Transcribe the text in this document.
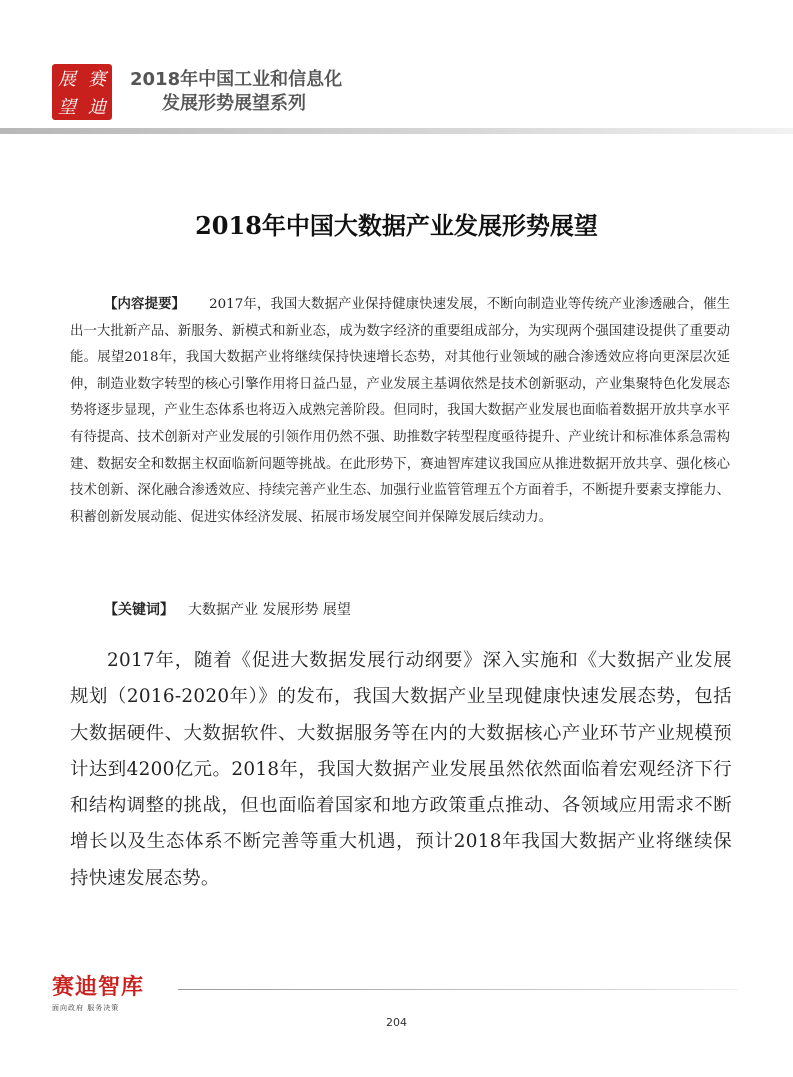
展 赛
望 迪
2018年中国工业和信息化
发展形势展望系列
2018年中国大数据产业发展形势展望
【内容提要】 2017年，我国大数据产业保持健康快速发展，不断向制造业等传统产业渗透融合，催生出一大批新产品、新服务、新模式和新业态，成为数字经济的重要组成部分，为实现两个强国建设提供了重要动能。展望2018年，我国大数据产业将继续保持快速增长态势，对其他行业领域的融合渗透效应将向更深层次延伸，制造业数字转型的核心引擎作用将日益凸显，产业发展主基调依然是技术创新驱动，产业集聚特色化发展态势将逐步显现，产业生态体系也将迈入成熟完善阶段。但同时，我国大数据产业发展也面临着数据开放共享水平有待提高、技术创新对产业发展的引领作用仍然不强、助推数字转型程度亟待提升、产业统计和标准体系急需构建、数据安全和数据主权面临新问题等挑战。在此形势下，赛迪智库建议我国应从推进数据开放共享、强化核心技术创新、深化融合渗透效应、持续完善产业生态、加强行业监管管理五个方面着手，不断提升要素支撑能力、积蓄创新发展动能、促进实体经济发展、拓展市场发展空间并保障发展后续动力。
【关键词】 大数据产业 发展形势 展望
2017年，随着《促进大数据发展行动纲要》深入实施和《大数据产业发展规划（2016-2020年）》的发布，我国大数据产业呈现健康快速发展态势，包括大数据硬件、大数据软件、大数据服务等在内的大数据核心产业环节产业规模预计达到4200亿元。2018年，我国大数据产业发展虽然依然面临着宏观经济下行和结构调整的挑战，但也面临着国家和地方政策重点推动、各领域应用需求不断增长以及生态体系不断完善等重大机遇，预计2018年我国大数据产业将继续保持快速发展态势。
赛迪智库
面向政府 服务决策
204
